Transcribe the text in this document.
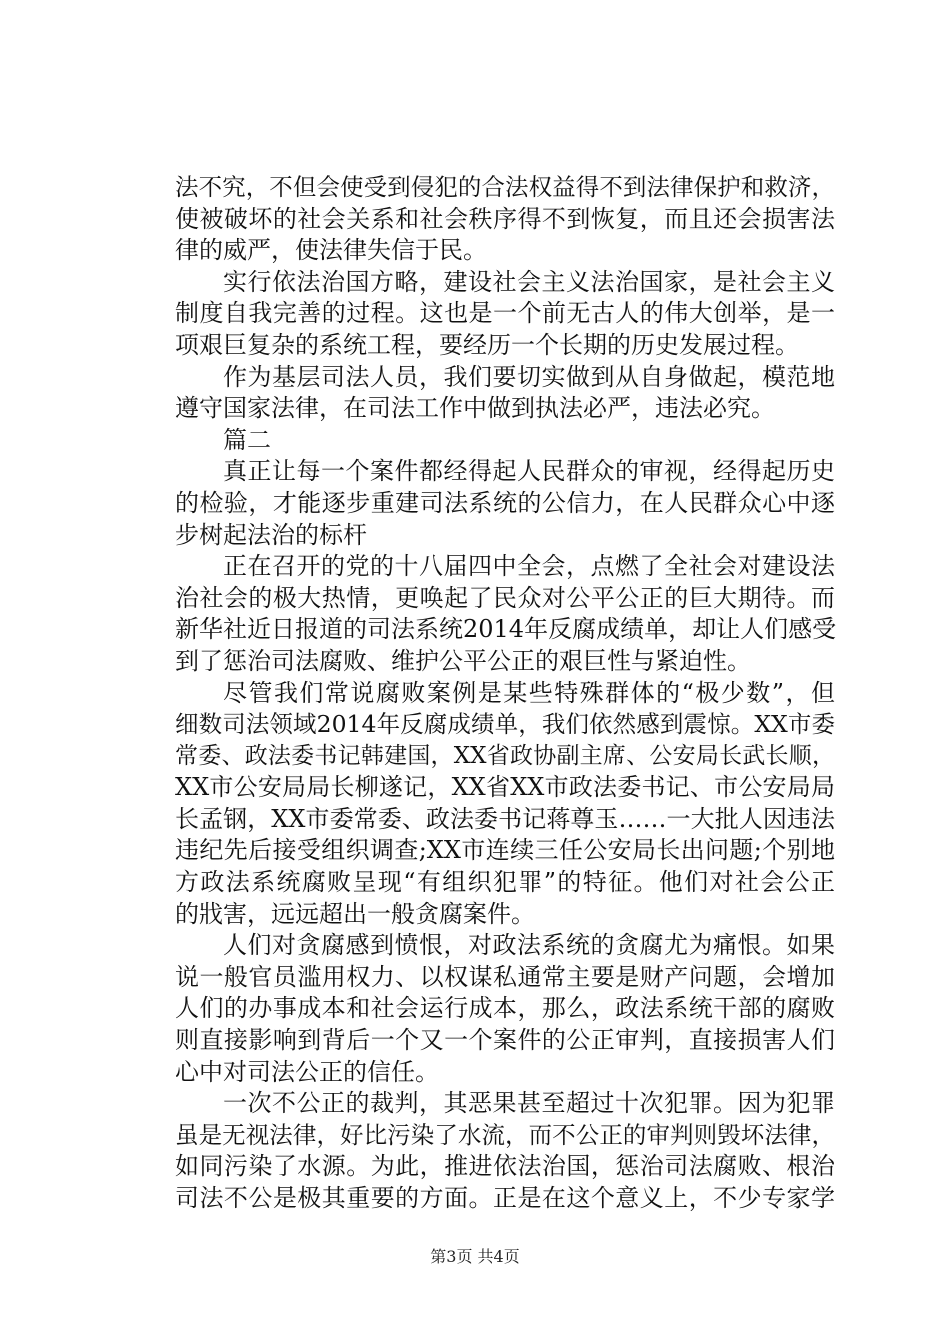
法不究，不但会使受到侵犯的合法权益得不到法律保护和救济，
使被破坏的社会关系和社会秩序得不到恢复，而且还会损害法
律的威严，使法律失信于民。
实行依法治国方略，建设社会主义法治国家，是社会主义
制度自我完善的过程。这也是一个前无古人的伟大创举，是一
项艰巨复杂的系统工程，要经历一个长期的历史发展过程。
作为基层司法人员，我们要切实做到从自身做起，模范地
遵守国家法律，在司法工作中做到执法必严，违法必究。
篇二
真正让每一个案件都经得起人民群众的审视，经得起历史
的检验，才能逐步重建司法系统的公信力，在人民群众心中逐
步树起法治的标杆
正在召开的党的十八届四中全会，点燃了全社会对建设法
治社会的极大热情，更唤起了民众对公平公正的巨大期待。而
新华社近日报道的司法系统2014年反腐成绩单，却让人们感受
到了惩治司法腐败、维护公平公正的艰巨性与紧迫性。
尽管我们常说腐败案例是某些特殊群体的“极少数”，但
细数司法领域2014年反腐成绩单，我们依然感到震惊。XX市委
常委、政法委书记韩建国，XX省政协副主席、公安局长武长顺，
XX市公安局局长柳遂记，XX省XX市政法委书记、市公安局局
长孟钢，XX市委常委、政法委书记蒋尊玉……一大批人因违法
违纪先后接受组织调查;XX市连续三任公安局长出问题;个别地
方政法系统腐败呈现“有组织犯罪”的特征。他们对社会公正
的戕害，远远超出一般贪腐案件。
人们对贪腐感到愤恨，对政法系统的贪腐尤为痛恨。如果
说一般官员滥用权力、以权谋私通常主要是财产问题，会增加
人们的办事成本和社会运行成本，那么，政法系统干部的腐败
则直接影响到背后一个又一个案件的公正审判，直接损害人们
心中对司法公正的信任。
一次不公正的裁判，其恶果甚至超过十次犯罪。因为犯罪
虽是无视法律，好比污染了水流，而不公正的审判则毁坏法律，
如同污染了水源。为此，推进依法治国，惩治司法腐败、根治
司法不公是极其重要的方面。正是在这个意义上，不少专家学
第3页 共4页
